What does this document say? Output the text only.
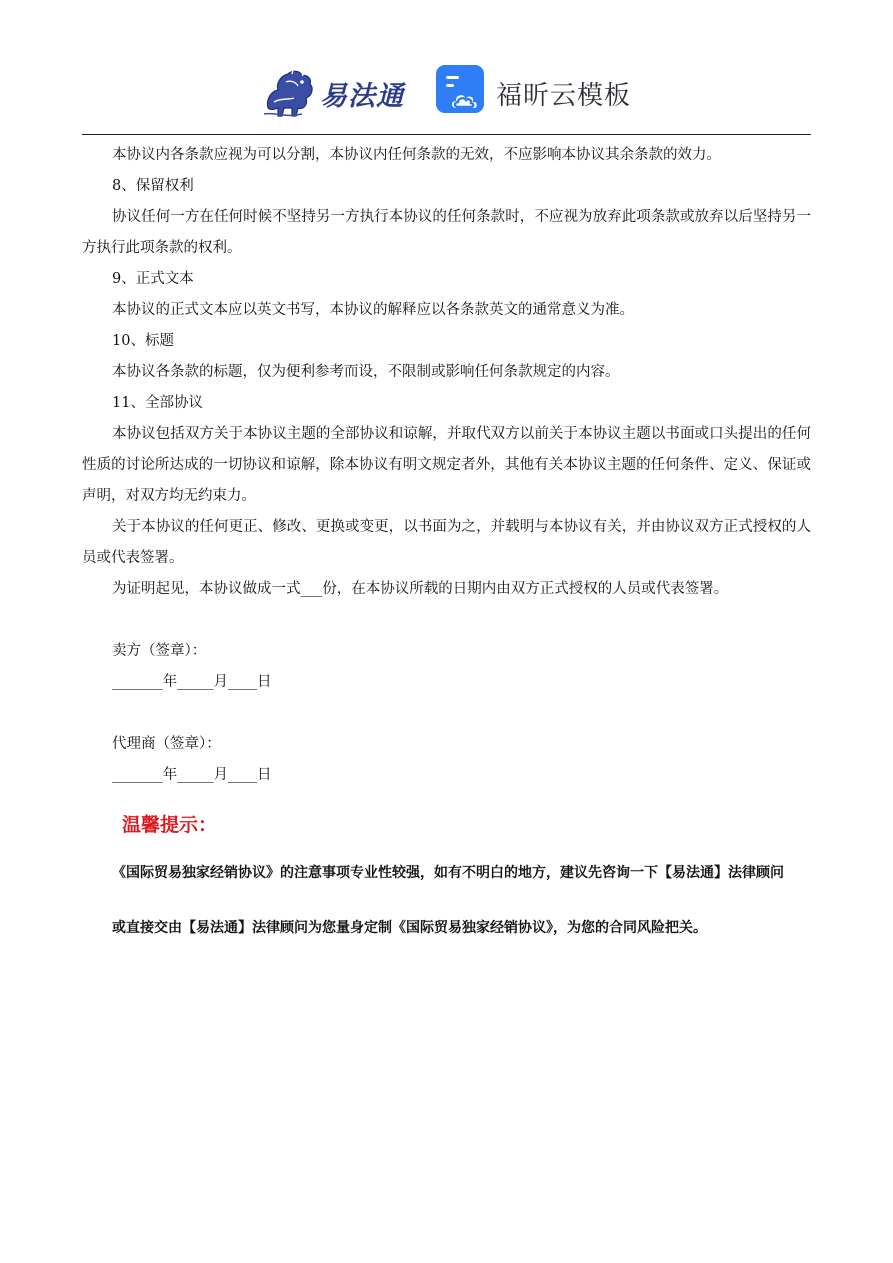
易法通	福昕云模板

本协议内各条款应视为可以分割，本协议内任何条款的无效，不应影响本协议其余条款的效力。

8、保留权利

协议任何一方在任何时候不坚持另一方执行本协议的任何条款时，不应视为放弃此项条款或放弃以后坚持另一方执行此项条款的权利。

9、正式文本

本协议的正式文本应以英文书写，本协议的解释应以各条款英文的通常意义为准。

10、标题

本协议各条款的标题，仅为便利参考而设，不限制或影响任何条款规定的内容。

11、全部协议

本协议包括双方关于本协议主题的全部协议和谅解，并取代双方以前关于本协议主题以书面或口头提出的任何性质的讨论所达成的一切协议和谅解，除本协议有明文规定者外，其他有关本协议主题的任何条件、定义、保证或声明，对双方均无约束力。

关于本协议的任何更正、修改、更换或变更，以书面为之，并载明与本协议有关，并由协议双方正式授权的人员或代表签署。

为证明起见，本协议做成一式___份，在本协议所载的日期内由双方正式授权的人员或代表签署。

卖方（签章）：

_______年_____月____日

代理商（签章）：

_______年_____月____日

温馨提示：

《国际贸易独家经销协议》的注意事项专业性较强，如有不明白的地方，建议先咨询一下【易法通】法律顾问

或直接交由【易法通】法律顾问为您量身定制《国际贸易独家经销协议》，为您的合同风险把关。
